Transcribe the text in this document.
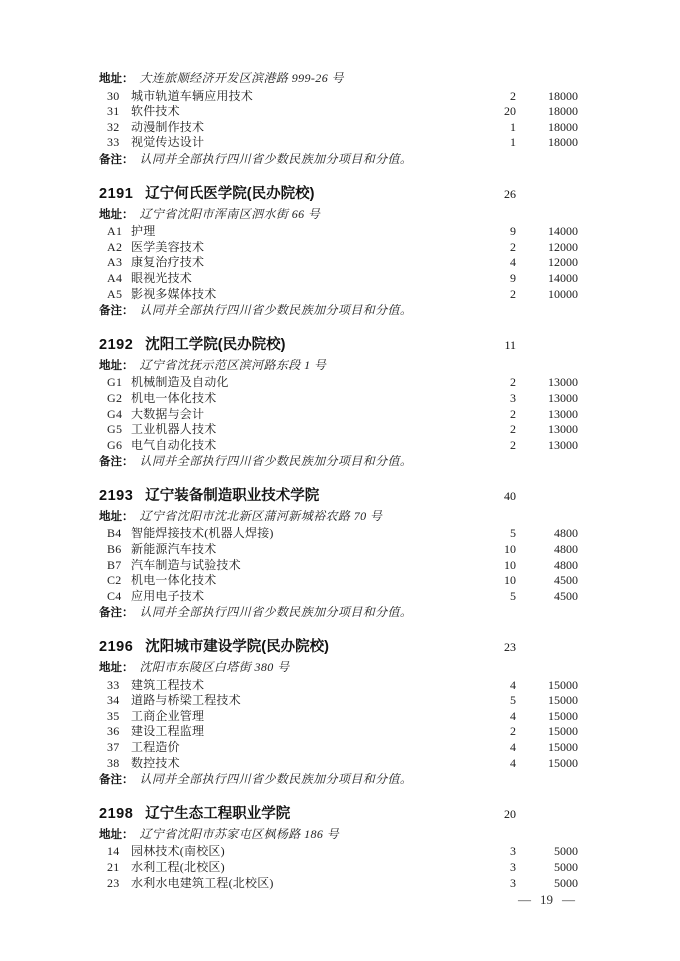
地址： 大连旅顺经济开发区滨港路 999-26 号
30 城市轨道车辆应用技术	2	18000
31 软件技术	20	18000
32 动漫制作技术	1	18000
33 视觉传达设计	1	18000
备注： 认同并全部执行四川省少数民族加分项目和分值。
2191 辽宁何氏医学院(民办院校)	26
地址： 辽宁省沈阳市浑南区泗水街 66 号
A1 护理	9	14000
A2 医学美容技术	2	12000
A3 康复治疗技术	4	12000
A4 眼视光技术	9	14000
A5 影视多媒体技术	2	10000
备注： 认同并全部执行四川省少数民族加分项目和分值。
2192 沈阳工学院(民办院校)	11
地址： 辽宁省沈抚示范区滨河路东段 1 号
G1 机械制造及自动化	2	13000
G2 机电一体化技术	3	13000
G4 大数据与会计	2	13000
G5 工业机器人技术	2	13000
G6 电气自动化技术	2	13000
备注： 认同并全部执行四川省少数民族加分项目和分值。
2193 辽宁装备制造职业技术学院	40
地址： 辽宁省沈阳市沈北新区蒲河新城裕农路 70 号
B4 智能焊接技术(机器人焊接)	5	4800
B6 新能源汽车技术	10	4800
B7 汽车制造与试验技术	10	4800
C2 机电一体化技术	10	4500
C4 应用电子技术	5	4500
备注： 认同并全部执行四川省少数民族加分项目和分值。
2196 沈阳城市建设学院(民办院校)	23
地址： 沈阳市东陵区白塔街 380 号
33 建筑工程技术	4	15000
34 道路与桥梁工程技术	5	15000
35 工商企业管理	4	15000
36 建设工程监理	2	15000
37 工程造价	4	15000
38 数控技术	4	15000
备注： 认同并全部执行四川省少数民族加分项目和分值。
2198 辽宁生态工程职业学院	20
地址： 辽宁省沈阳市苏家屯区枫杨路 186 号
14 园林技术(南校区)	3	5000
21 水利工程(北校区)	3	5000
23 水利水电建筑工程(北校区)	3	5000
— 19 —
